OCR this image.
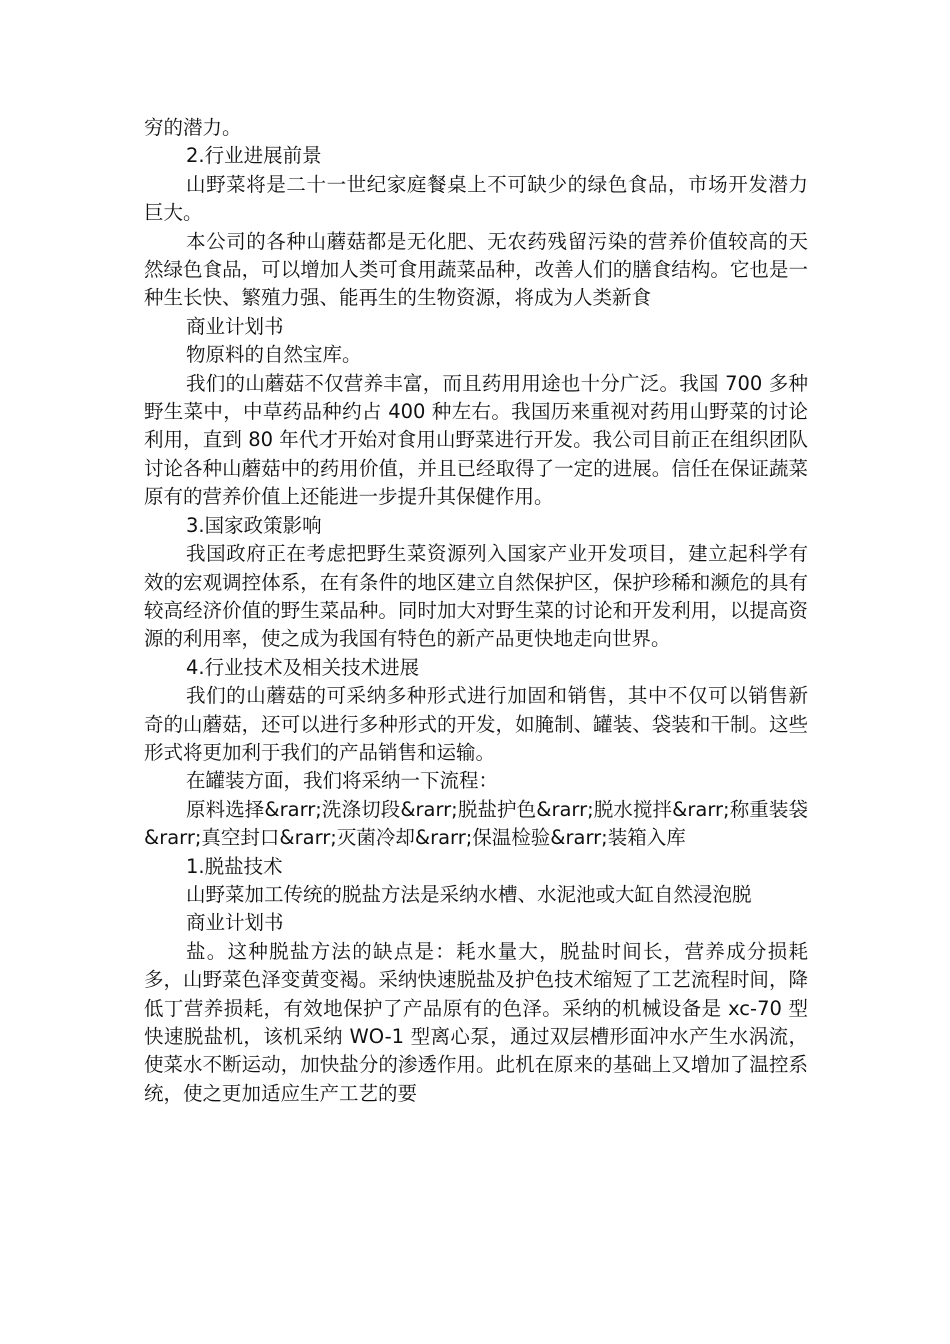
穷的潜力。

2.行业进展前景

山野菜将是二十一世纪家庭餐桌上不可缺少的绿色食品，市场开发潜力巨大。

本公司的各种山蘑菇都是无化肥、无农药残留污染的营养价值较高的天然绿色食品，可以增加人类可食用蔬菜品种，改善人们的膳食结构。它也是一种生长快、繁殖力强、能再生的生物资源，将成为人类新食

商业计划书

物原料的自然宝库。

我们的山蘑菇不仅营养丰富，而且药用用途也十分广泛。我国 700 多种野生菜中，中草药品种约占 400 种左右。我国历来重视对药用山野菜的讨论利用，直到 80 年代才开始对食用山野菜进行开发。我公司目前正在组织团队讨论各种山蘑菇中的药用价值，并且已经取得了一定的进展。信任在保证蔬菜原有的营养价值上还能进一步提升其保健作用。

3.国家政策影响

我国政府正在考虑把野生菜资源列入国家产业开发项目，建立起科学有效的宏观调控体系，在有条件的地区建立自然保护区，保护珍稀和濒危的具有较高经济价值的野生菜品种。同时加大对野生菜的讨论和开发利用，以提高资源的利用率，使之成为我国有特色的新产品更快地走向世界。

4.行业技术及相关技术进展

我们的山蘑菇的可采纳多种形式进行加固和销售，其中不仅可以销售新奇的山蘑菇，还可以进行多种形式的开发，如腌制、罐装、袋装和干制。这些形式将更加利于我们的产品销售和运输。

在罐装方面，我们将采纳一下流程：

原料选择&rarr;洗涤切段&rarr;脱盐护色&rarr;脱水搅拌&rarr;称重装袋&rarr;真空封口&rarr;灭菌冷却&rarr;保温检验&rarr;装箱入库

1.脱盐技术

山野菜加工传统的脱盐方法是采纳水槽、水泥池或大缸自然浸泡脱

商业计划书

盐。这种脱盐方法的缺点是：耗水量大，脱盐时间长，营养成分损耗多，山野菜色泽变黄变褐。采纳快速脱盐及护色技术缩短了工艺流程时间，降低丁营养损耗，有效地保护了产品原有的色泽。采纳的机械设备是 xc-70 型快速脱盐机，该机采纳 WO-1 型离心泵，通过双层槽形面冲水产生水涡流，使菜水不断运动，加快盐分的渗透作用。此机在原来的基础上又增加了温控系统，使之更加适应生产工艺的要
